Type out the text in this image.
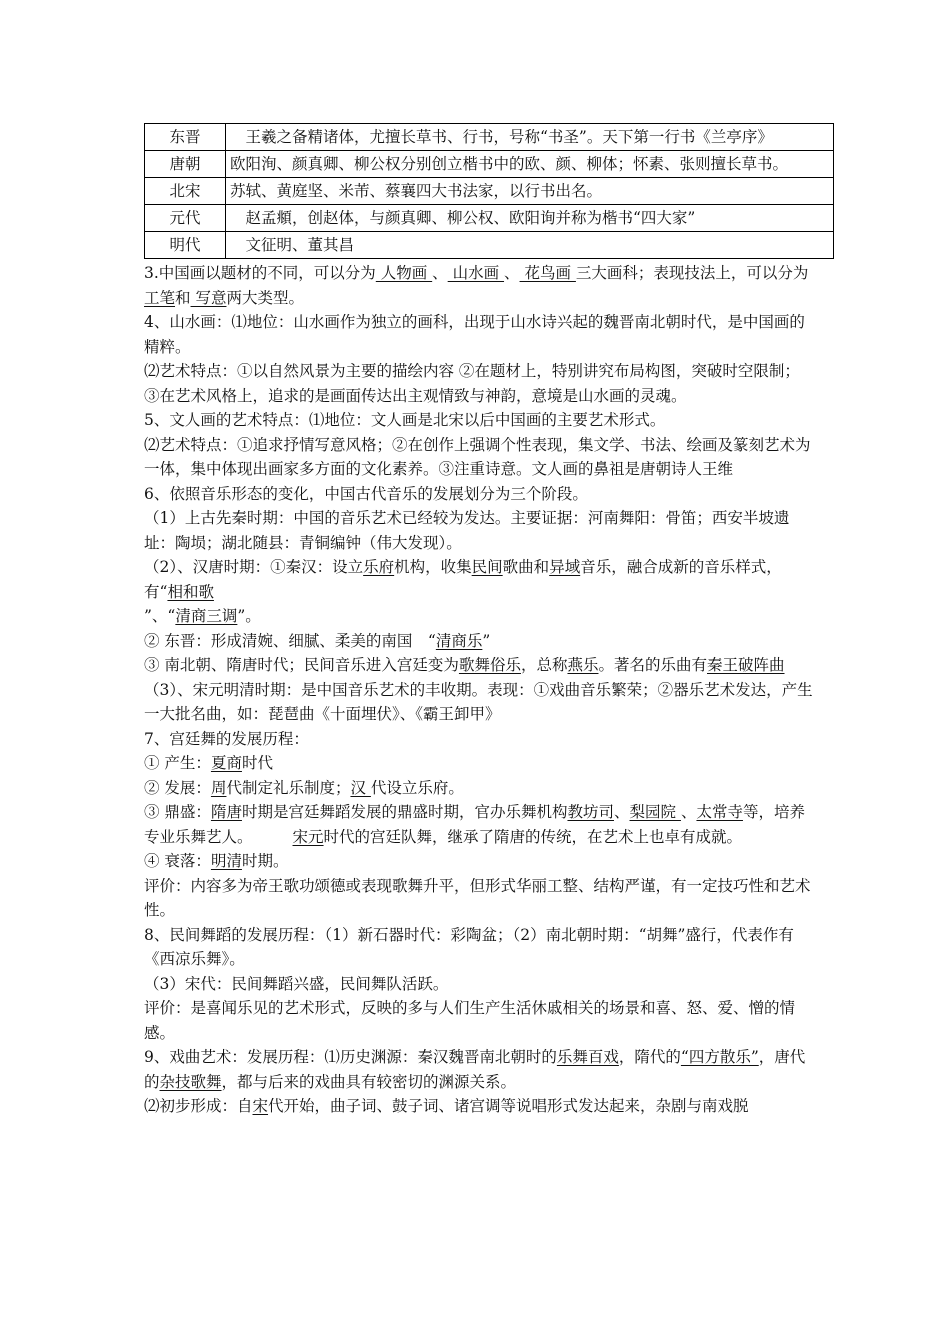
东晋	　王羲之备精诸体，尤擅长草书、行书，号称“书圣”。天下第一行书《兰亭序》
唐朝	欧阳洵、颜真卿、柳公权分别创立楷书中的欧、颜、柳体；怀素、张则擅长草书。
北宋	苏轼、黄庭坚、米芾、蔡襄四大书法家，以行书出名。
元代	　赵孟頫，创赵体，与颜真卿、柳公权、欧阳询并称为楷书“四大家”
明代	　文征明、董其昌

3.中国画以题材的不同，可以分为 人物画 、 山水画 、 花鸟画 三大画科；表现技法上，可以分为工笔和 写意两大类型。

4、山水画：⑴地位：山水画作为独立的画科，出现于山水诗兴起的魏晋南北朝时代，是中国画的精粹。

⑵艺术特点：①以自然风景为主要的描绘内容 ②在题材上，特别讲究布局构图，突破时空限制；③在艺术风格上，追求的是画面传达出主观情致与神韵，意境是山水画的灵魂。

5、文人画的艺术特点：⑴地位：文人画是北宋以后中国画的主要艺术形式。

⑵艺术特点：①追求抒情写意风格；②在创作上强调个性表现，集文学、书法、绘画及篆刻艺术为一体，集中体现出画家多方面的文化素养。③注重诗意。文人画的鼻祖是唐朝诗人王维

6、依照音乐形态的变化，中国古代音乐的发展划分为三个阶段。

（1）上古先秦时期：中国的音乐艺术已经较为发达。主要证据：河南舞阳：骨笛；西安半坡遗址：陶埙；湖北随县：青铜编钟（伟大发现）。

（2）、汉唐时期：①秦汉：设立乐府机构，收集民间歌曲和异域音乐，融合成新的音乐样式，有“相和歌
”、“清商三调”。

② 东晋：形成清婉、细腻、柔美的南国　“清商乐”

③ 南北朝、隋唐时代；民间音乐进入宫廷变为歌舞俗乐，总称燕乐。著名的乐曲有秦王破阵曲

（3）、宋元明清时期：是中国音乐艺术的丰收期。表现：①戏曲音乐繁荣；②器乐艺术发达，产生一大批名曲，如：琵琶曲《十面埋伏》、《霸王卸甲》

7、宫廷舞的发展历程：

① 产生：夏商时代

② 发展：周代制定礼乐制度；汉 代设立乐府。

③ 鼎盛：隋唐时期是宫廷舞蹈发展的鼎盛时期，官办乐舞机构教坊司、梨园院 、太常寺等，培养专业乐舞艺人。	宋元时代的宫廷队舞，继承了隋唐的传统，在艺术上也卓有成就。

④ 衰落：明清时期。

评价：内容多为帝王歌功颂德或表现歌舞升平，但形式华丽工整、结构严谨，有一定技巧性和艺术性。

8、民间舞蹈的发展历程：（1）新石器时代：彩陶盆；（2）南北朝时期：“胡舞”盛行，代表作有《西凉乐舞》。

（3）宋代：民间舞蹈兴盛，民间舞队活跃。

评价：是喜闻乐见的艺术形式，反映的多与人们生产生活休戚相关的场景和喜、怒、爱、憎的情感。

9、戏曲艺术：发展历程：⑴历史渊源：秦汉魏晋南北朝时的乐舞百戏，隋代的“四方散乐”，唐代的杂技歌舞，都与后来的戏曲具有较密切的渊源关系。

⑵初步形成：自宋代开始，曲子词、鼓子词、诸宫调等说唱形式发达起来，杂剧与南戏脱
